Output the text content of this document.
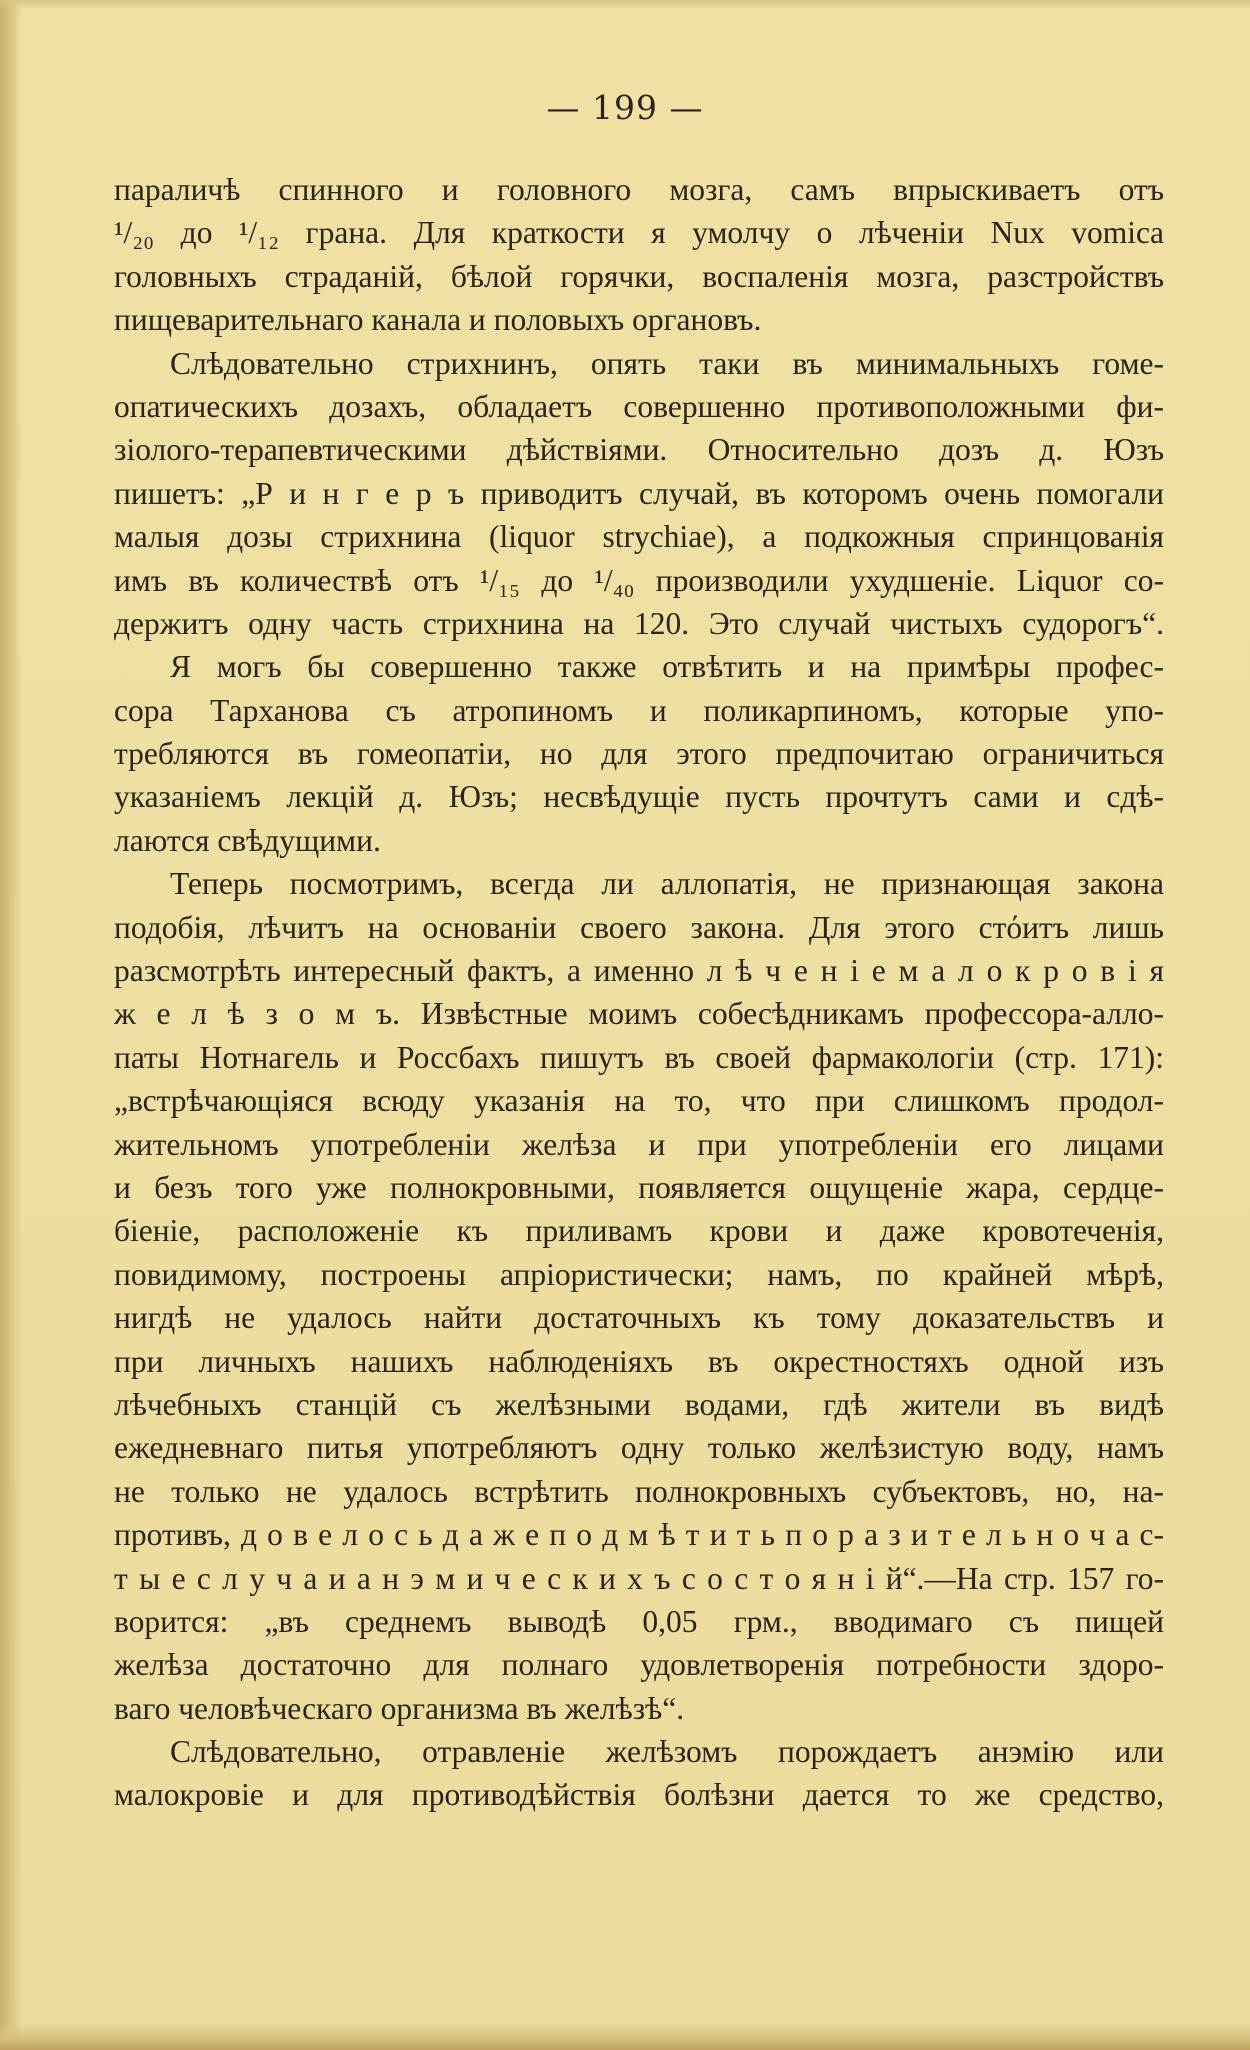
— 199 —
параличѣ спинного и головного мозга, самъ впрыскиваетъ отъ
¹/₂₀ до ¹/₁₂ грана. Для краткости я умолчу о лѣченіи Nux vomica
головныхъ страданій, бѣлой горячки, воспаленія мозга, разстройствъ
пищеварительнаго канала и половыхъ органовъ.
Слѣдовательно стрихнинъ, опять таки въ минимальныхъ гоме-
опатическихъ дозахъ, обладаетъ совершенно противоположными фи-
зіолого-терапевтическими дѣйствіями. Относительно дозъ д. Юзъ
пишетъ: „Р и н г е р ъ приводитъ случай, въ которомъ очень помогали
малыя дозы стрихнина (liquor strychiae), а подкожныя спринцованія
имъ въ количествѣ отъ ¹/₁₅ до ¹/₄₀ производили ухудшеніе. Liquor со-
держитъ одну часть стрихнина на 120. Это случай чистыхъ судорогъ“.
Я могъ бы совершенно также отвѣтить и на примѣры профес-
сора Тарханова съ атропиномъ и поликарпиномъ, которые упо-
требляются въ гомеопатіи, но для этого предпочитаю ограничиться
указаніемъ лекцій д. Юзъ; несвѣдущіе пусть прочтутъ сами и сдѣ-
лаются свѣдущими.
Теперь посмотримъ, всегда ли аллопатія, не признающая закона
подобія, лѣчитъ на основаніи своего закона. Для этого стόитъ лишь
разсмотрѣть интересный фактъ, а именно л ѣ ч е н і е м а л о к р о в і я
ж е л ѣ з о м ъ. Извѣстные моимъ собесѣдникамъ профессора-алло-
паты Нотнагель и Россбахъ пишутъ въ своей фармакологіи (стр. 171):
„встрѣчающіяся всюду указанія на то, что при слишкомъ продол-
жительномъ употребленіи желѣза и при употребленіи его лицами
и безъ того уже полнокровными, появляется ощущеніе жара, сердце-
біеніе, расположеніе къ приливамъ крови и даже кровотеченія,
повидимому, построены апріористически; намъ, по крайней мѣрѣ,
нигдѣ не удалось найти достаточныхъ къ тому доказательствъ и
при личныхъ нашихъ наблюденіяхъ въ окрестностяхъ одной изъ
лѣчебныхъ станцій съ желѣзными водами, гдѣ жители въ видѣ
ежедневнаго питья употребляютъ одну только желѣзистую воду, намъ
не только не удалось встрѣтить полнокровныхъ субъектовъ, но, на-
противъ, д о в е л о с ь д а ж е п о д м ѣ т и т ь п о р а з и т е л ь н о ч а с-
т ы е с л у ч а и а н э м и ч е с к и х ъ с о с т о я н і й“.—На стр. 157 го-
ворится: „въ среднемъ выводѣ 0,05 грм., вводимаго съ пищей
желѣза достаточно для полнаго удовлетворенія потребности здоро-
ваго человѣческаго организма въ желѣзѣ“.
Слѣдовательно, отравленіе желѣзомъ порождаетъ анэмію или
малокровіе и для противодѣйствія болѣзни дается то же средство,
